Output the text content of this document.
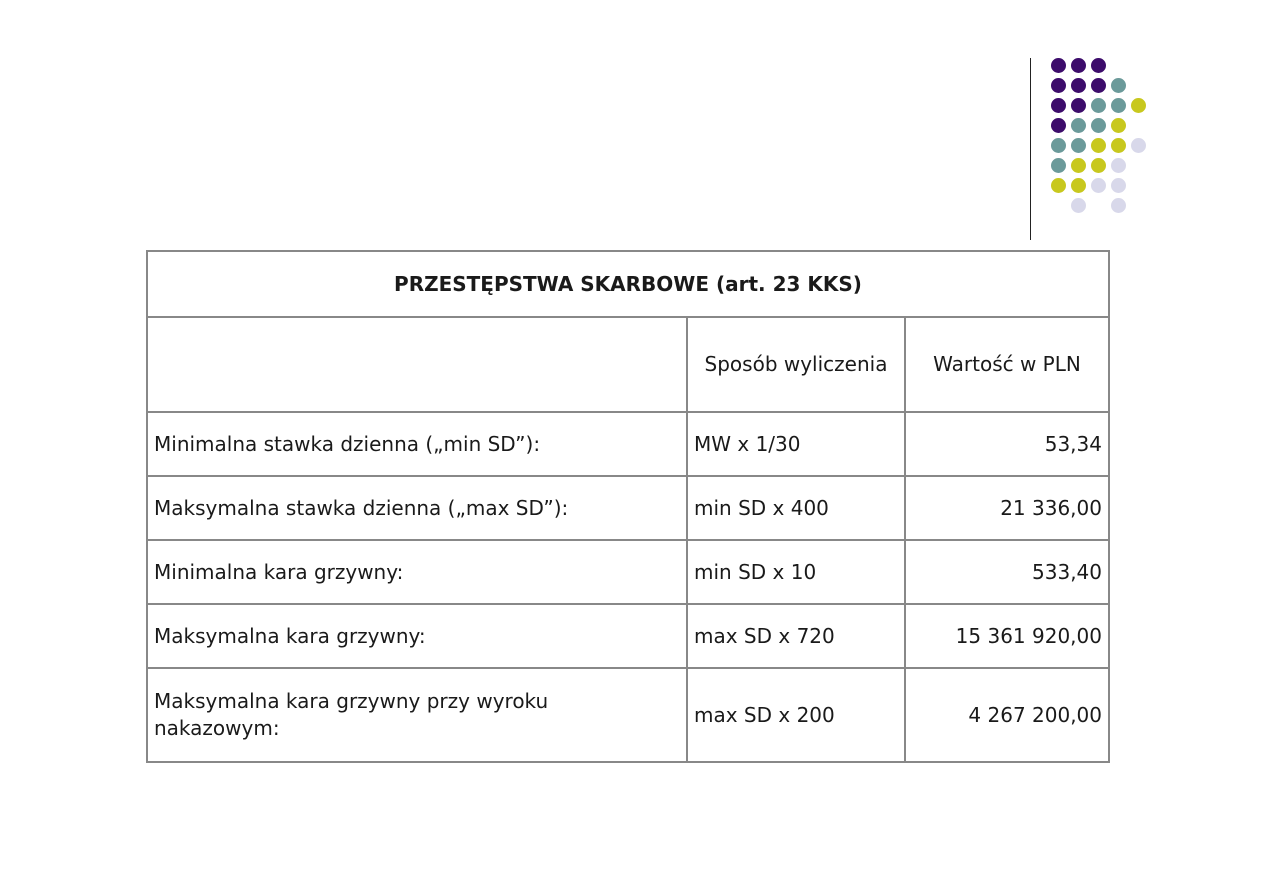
PRZESTĘPSTWA SKARBOWE (art. 23 KKS)		
	Sposób wyliczenia	Wartość w PLN
Minimalna stawka dzienna („min SD”):	MW x 1/30	53,34
Maksymalna stawka dzienna („max SD”):	min SD x 400	21 336,00
Minimalna kara grzywny:	min SD x 10	533,40
Maksymalna kara grzywny:	max SD x 720	15 361 920,00
Maksymalna kara grzywny przy wyroku nakazowym:	max SD x 200	4 267 200,00
